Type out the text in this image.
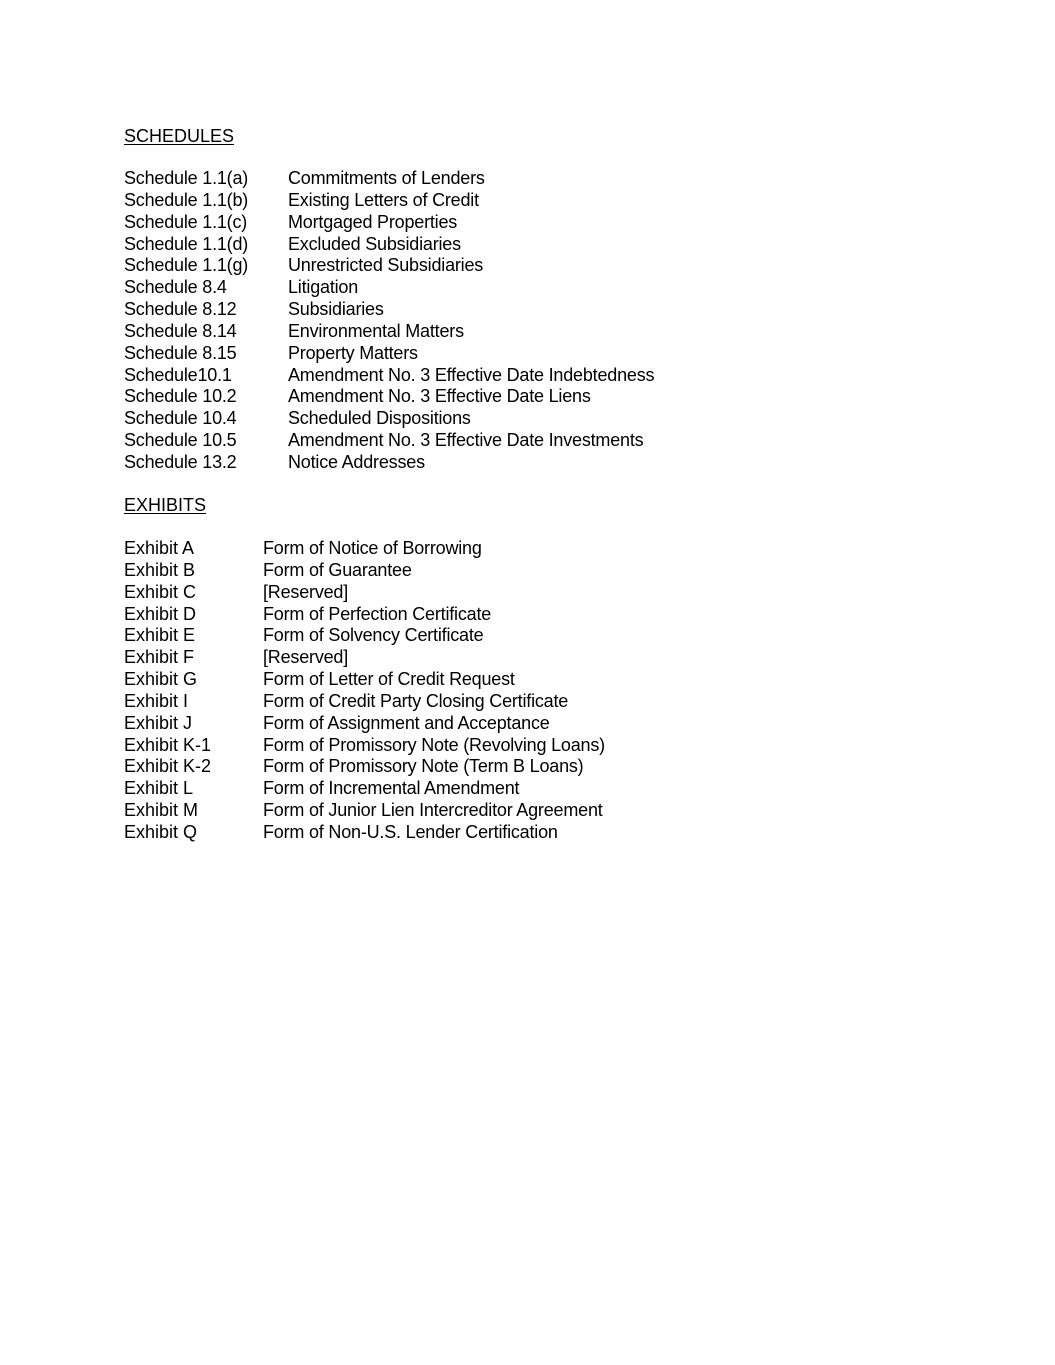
SCHEDULES
Schedule 1.1(a)	Commitments of Lenders
Schedule 1.1(b)	Existing Letters of Credit
Schedule 1.1(c)	Mortgaged Properties
Schedule 1.1(d)	Excluded Subsidiaries
Schedule 1.1(g)	Unrestricted Subsidiaries
Schedule 8.4	Litigation
Schedule 8.12	Subsidiaries
Schedule 8.14	Environmental Matters
Schedule 8.15	Property Matters
Schedule10.1	Amendment No. 3 Effective Date Indebtedness
Schedule 10.2	Amendment No. 3 Effective Date Liens
Schedule 10.4	Scheduled Dispositions
Schedule 10.5	Amendment No. 3 Effective Date Investments
Schedule 13.2	Notice Addresses
EXHIBITS
Exhibit A	Form of Notice of Borrowing
Exhibit B	Form of Guarantee
Exhibit C	[Reserved]
Exhibit D	Form of Perfection Certificate
Exhibit E	Form of Solvency Certificate
Exhibit F	[Reserved]
Exhibit G	Form of Letter of Credit Request
Exhibit I	Form of Credit Party Closing Certificate
Exhibit J	Form of Assignment and Acceptance
Exhibit K-1	Form of Promissory Note (Revolving Loans)
Exhibit K-2	Form of Promissory Note (Term B Loans)
Exhibit L	Form of Incremental Amendment
Exhibit M	Form of Junior Lien Intercreditor Agreement
Exhibit Q	Form of Non-U.S. Lender Certification
